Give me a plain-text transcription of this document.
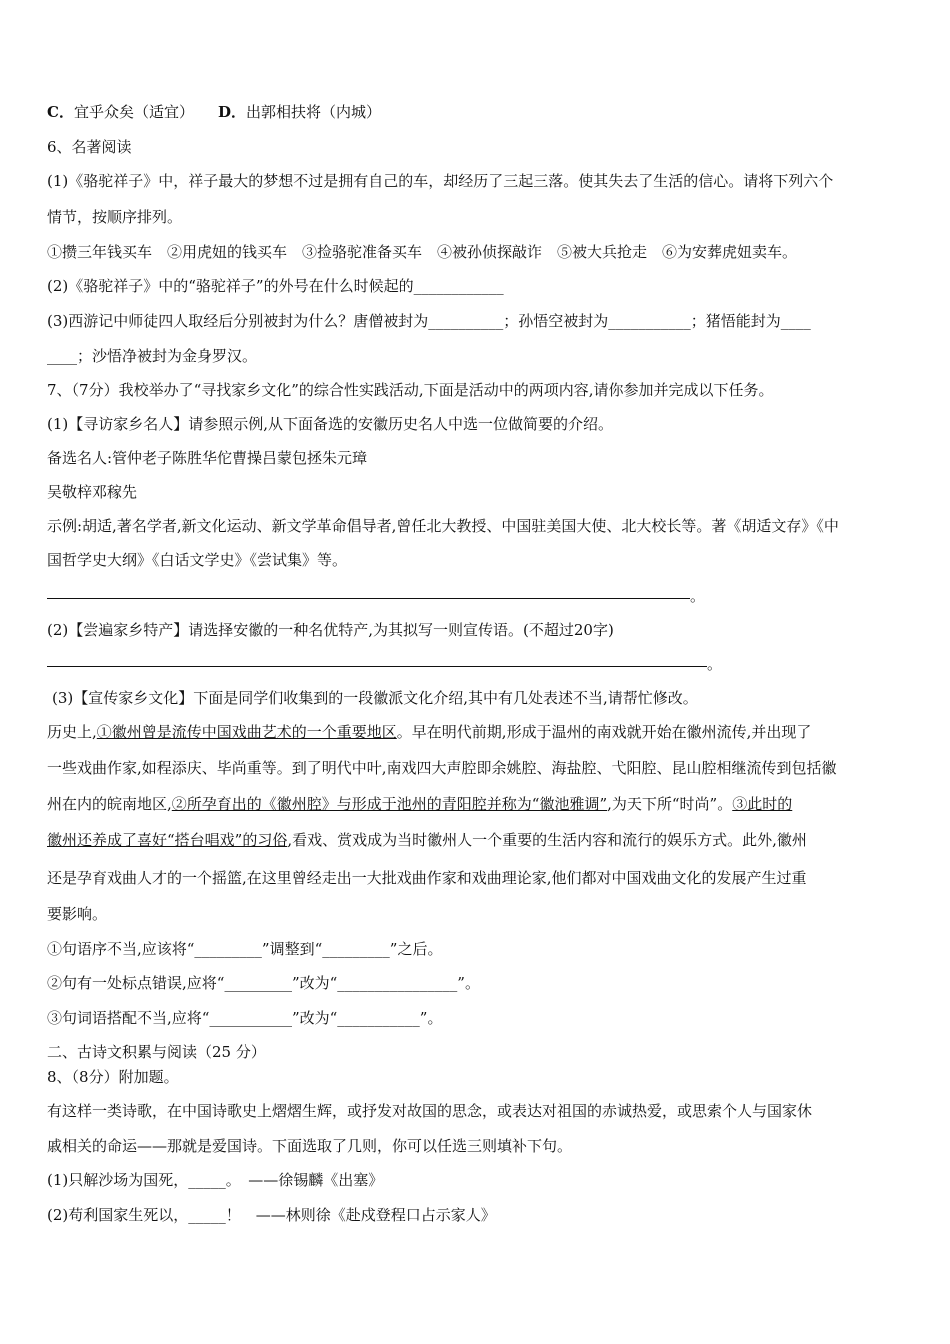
C．宜乎众矣（适宜） D．出郭相扶将（内城）
6、名著阅读
(1)《骆驼祥子》中，祥子最大的梦想不过是拥有自己的车，却经历了三起三落。使其失去了生活的信心。请将下列六个
情节，按顺序排列。
①攒三年钱买车　②用虎妞的钱买车　③捡骆驼准备买车　④被孙侦探敲诈　⑤被大兵抢走　⑥为安葬虎妞卖车。
(2)《骆驼祥子》中的“骆驼祥子”的外号在什么时候起的____________
(3)西游记中师徒四人取经后分别被封为什么？唐僧被封为__________；孙悟空被封为___________；猪悟能封为____
____；沙悟净被封为金身罗汉。
7、（7分）我校举办了“寻找家乡文化”的综合性实践活动,下面是活动中的两项内容,请你参加并完成以下任务。
(1)【寻访家乡名人】请参照示例,从下面备选的安徽历史名人中选一位做简要的介绍。
备选名人:管仲老子陈胜华佗曹操吕蒙包拯朱元璋
吴敬梓邓稼先
示例:胡适,著名学者,新文化运动、新文学革命倡导者,曾任北大教授、中国驻美国大使、北大校长等。著《胡适文存》《中
国哲学史大纲》《白话文学史》《尝试集》等。
。
(2)【尝遍家乡特产】请选择安徽的一种名优特产,为其拟写一则宣传语。(不超过20字)
。
(3)【宣传家乡文化】下面是同学们收集到的一段徽派文化介绍,其中有几处表述不当,请帮忙修改。
历史上,①徽州曾是流传中国戏曲艺术的一个重要地区。早在明代前期,形成于温州的南戏就开始在徽州流传,并出现了
一些戏曲作家,如程添庆、毕尚重等。到了明代中叶,南戏四大声腔即余姚腔、海盐腔、弋阳腔、昆山腔相继流传到包括徽
州在内的皖南地区,②所孕育出的《徽州腔》与形成于池州的青阳腔并称为“徽池雅调”,为天下所“时尚”。③此时的
徽州还养成了喜好“搭台唱戏”的习俗,看戏、赏戏成为当时徽州人一个重要的生活内容和流行的娱乐方式。此外,徽州
还是孕育戏曲人才的一个摇篮,在这里曾经走出一大批戏曲作家和戏曲理论家,他们都对中国戏曲文化的发展产生过重
要影响。
①句语序不当,应该将“_________”调整到“_________”之后。
②句有一处标点错误,应将“_________”改为“________________”。
③句词语搭配不当,应将“___________”改为“___________”。
二、古诗文积累与阅读（25 分）
8、（8分）附加题。
有这样一类诗歌，在中国诗歌史上熠熠生辉，或抒发对故国的思念，或表达对祖国的赤诚热爱，或思索个人与国家休
戚相关的命运——那就是爱国诗。下面选取了几则，你可以任选三则填补下句。
(1)只解沙场为国死，_____。　——徐锡麟《出塞》
(2)苟利国家生死以，_____！　——林则徐《赴戍登程口占示家人》
